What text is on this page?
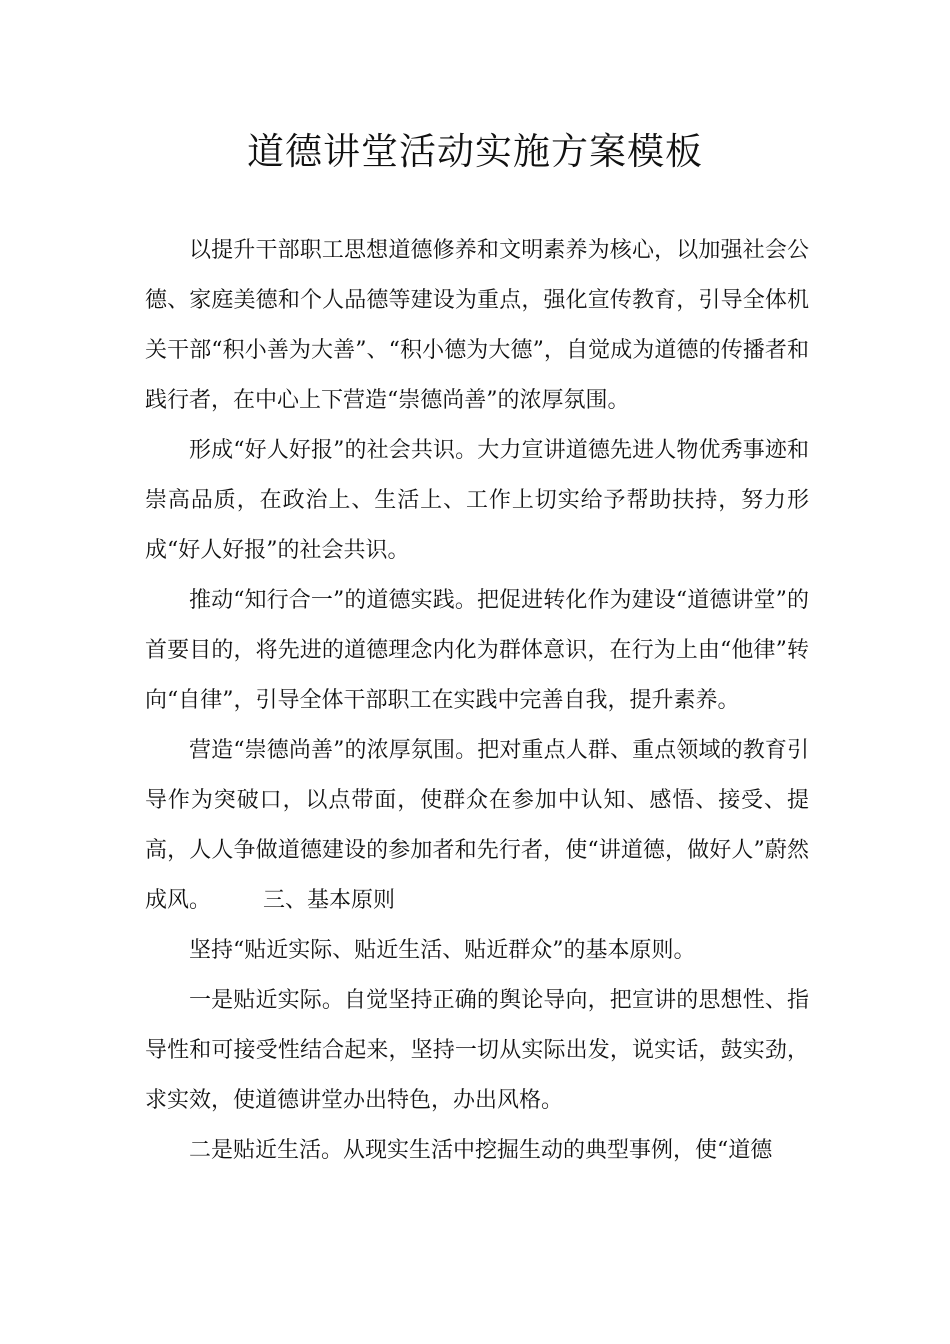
道德讲堂活动实施方案模板

以提升干部职工思想道德修养和文明素养为核心，以加强社会公德、家庭美德和个人品德等建设为重点，强化宣传教育，引导全体机关干部“积小善为大善”、“积小德为大德”，自觉成为道德的传播者和践行者，在中心上下营造“崇德尚善”的浓厚氛围。

形成“好人好报”的社会共识。大力宣讲道德先进人物优秀事迹和崇高品质，在政治上、生活上、工作上切实给予帮助扶持，努力形成“好人好报”的社会共识。

推动“知行合一”的道德实践。把促进转化作为建设“道德讲堂”的首要目的，将先进的道德理念内化为群体意识，在行为上由“他律”转向“自律”，引导全体干部职工在实践中完善自我，提升素养。

营造“崇德尚善”的浓厚氛围。把对重点人群、重点领域的教育引导作为突破口，以点带面，使群众在参加中认知、感悟、接受、提高，人人争做道德建设的参加者和先行者，使“讲道德，做好人”蔚然成风。 三、基本原则

坚持“贴近实际、贴近生活、贴近群众”的基本原则。

一是贴近实际。自觉坚持正确的舆论导向，把宣讲的思想性、指导性和可接受性结合起来，坚持一切从实际出发，说实话，鼓实劲，求实效，使道德讲堂办出特色，办出风格。

二是贴近生活。从现实生活中挖掘生动的典型事例，使“道德
